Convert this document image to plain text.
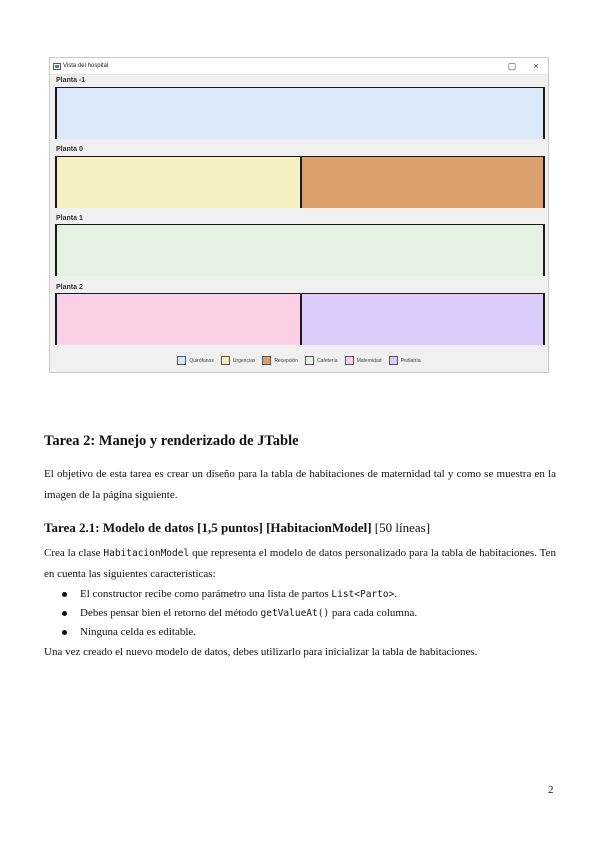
Vista del hospital	▢	×
Planta -1
Planta 0
Planta 1
Planta 2
Quirófanos	Urgencias	Recepción	Cafetería	Maternidad	Pediatría
Tarea 2: Manejo y renderizado de JTable

El objetivo de esta tarea es crear un diseño para la tabla de habitaciones de maternidad tal y como se muestra en la imagen de la página siguiente.

Tarea 2.1: Modelo de datos [1,5 puntos] [HabitacionModel] [50 líneas]

Crea la clase HabitacionModel que representa el modelo de datos personalizado para la tabla de habitaciones. Ten en cuenta las siguientes características:

El constructor recibe como parámetro una lista de partos List<Parto>.
Debes pensar bien el retorno del método getValueAt() para cada columna.
Ninguna celda es editable.

Una vez creado el nuevo modelo de datos, debes utilizarlo para inicializar la tabla de habitaciones.

2
